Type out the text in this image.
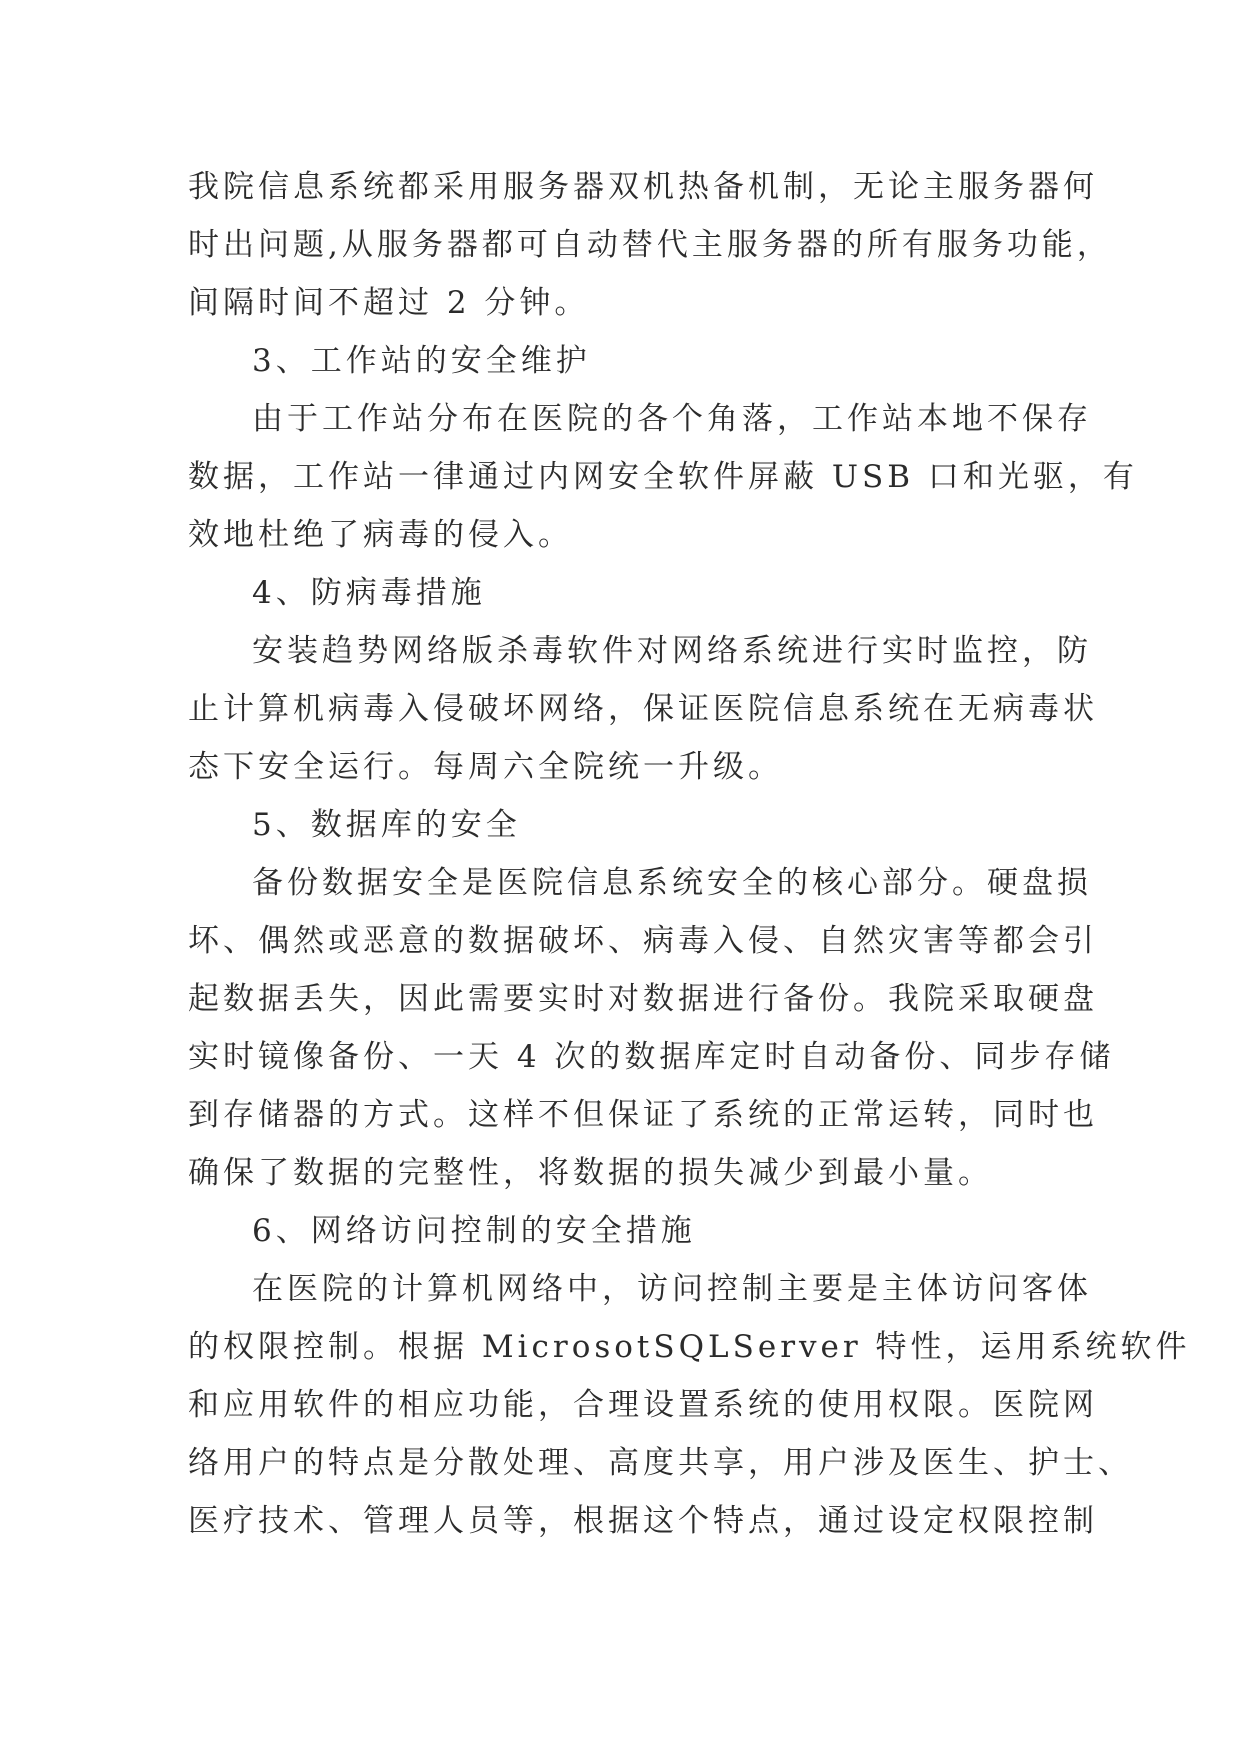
我院信息系统都采用服务器双机热备机制，无论主服务器何
时出问题,从服务器都可自动替代主服务器的所有服务功能，
间隔时间不超过 2 分钟。
3、工作站的安全维护
由于工作站分布在医院的各个角落，工作站本地不保存
数据，工作站一律通过内网安全软件屏蔽 USB 口和光驱，有
效地杜绝了病毒的侵入。
4、防病毒措施
安装趋势网络版杀毒软件对网络系统进行实时监控，防
止计算机病毒入侵破坏网络，保证医院信息系统在无病毒状
态下安全运行。每周六全院统一升级。
5、数据库的安全
备份数据安全是医院信息系统安全的核心部分。硬盘损
坏、偶然或恶意的数据破坏、病毒入侵、自然灾害等都会引
起数据丢失，因此需要实时对数据进行备份。我院采取硬盘
实时镜像备份、一天 4 次的数据库定时自动备份、同步存储
到存储器的方式。这样不但保证了系统的正常运转，同时也
确保了数据的完整性，将数据的损失减少到最小量。
6、网络访问控制的安全措施
在医院的计算机网络中，访问控制主要是主体访问客体
的权限控制。根据 MicrosotSQLServer 特性，运用系统软件
和应用软件的相应功能，合理设置系统的使用权限。医院网
络用户的特点是分散处理、高度共享，用户涉及医生、护士、
医疗技术、管理人员等，根据这个特点，通过设定权限控制
